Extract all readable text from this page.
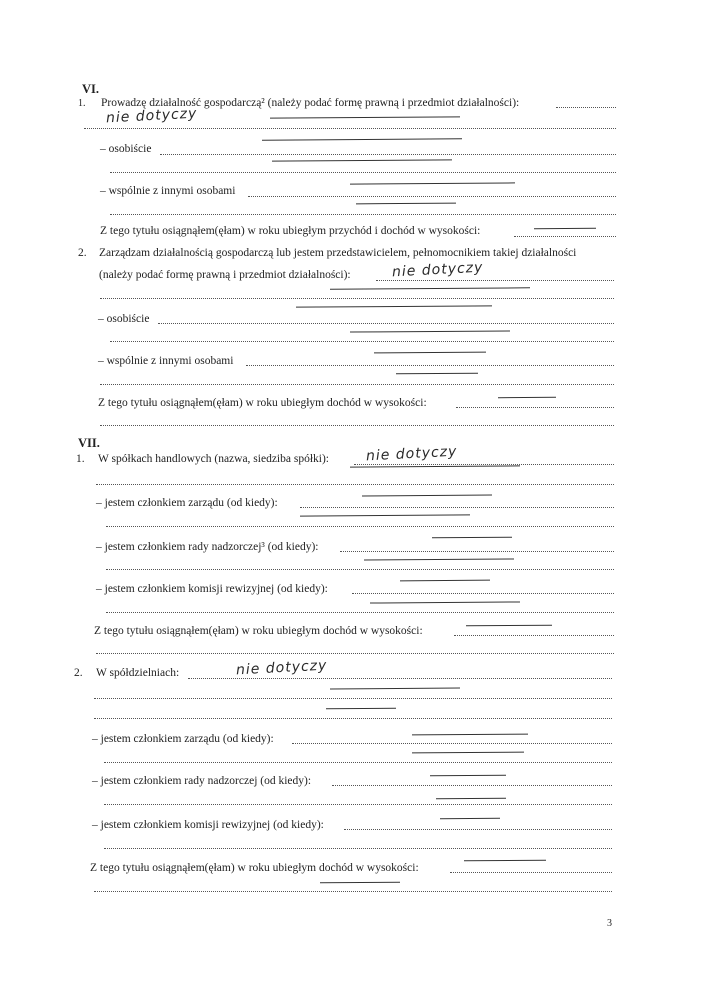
VI.
1. Prowadzę działalność gospodarczą² (należy podać formę prawną i przedmiot działalności):
nie dotyczy
– osobiście
– wspólnie z innymi osobami
Z tego tytułu osiągnąłem(ęłam) w roku ubiegłym przychód i dochód w wysokości:
2. Zarządzam działalnością gospodarczą lub jestem przedstawicielem, pełnomocnikiem takiej działalności
(należy podać formę prawną i przedmiot działalności):	nie dotyczy
– osobiście
– wspólnie z innymi osobami
Z tego tytułu osiągnąłem(ęłam) w roku ubiegłym dochód w wysokości:
VII.
1. W spółkach handlowych (nazwa, siedziba spółki):	nie dotyczy
– jestem członkiem zarządu (od kiedy):
– jestem członkiem rady nadzorczej³ (od kiedy):
– jestem członkiem komisji rewizyjnej (od kiedy):
Z tego tytułu osiągnąłem(ęłam) w roku ubiegłym dochód w wysokości:
2. W spółdzielniach:	nie dotyczy
– jestem członkiem zarządu (od kiedy):
– jestem członkiem rady nadzorczej (od kiedy):
– jestem członkiem komisji rewizyjnej (od kiedy):
Z tego tytułu osiągnąłem(ęłam) w roku ubiegłym dochód w wysokości:
3
